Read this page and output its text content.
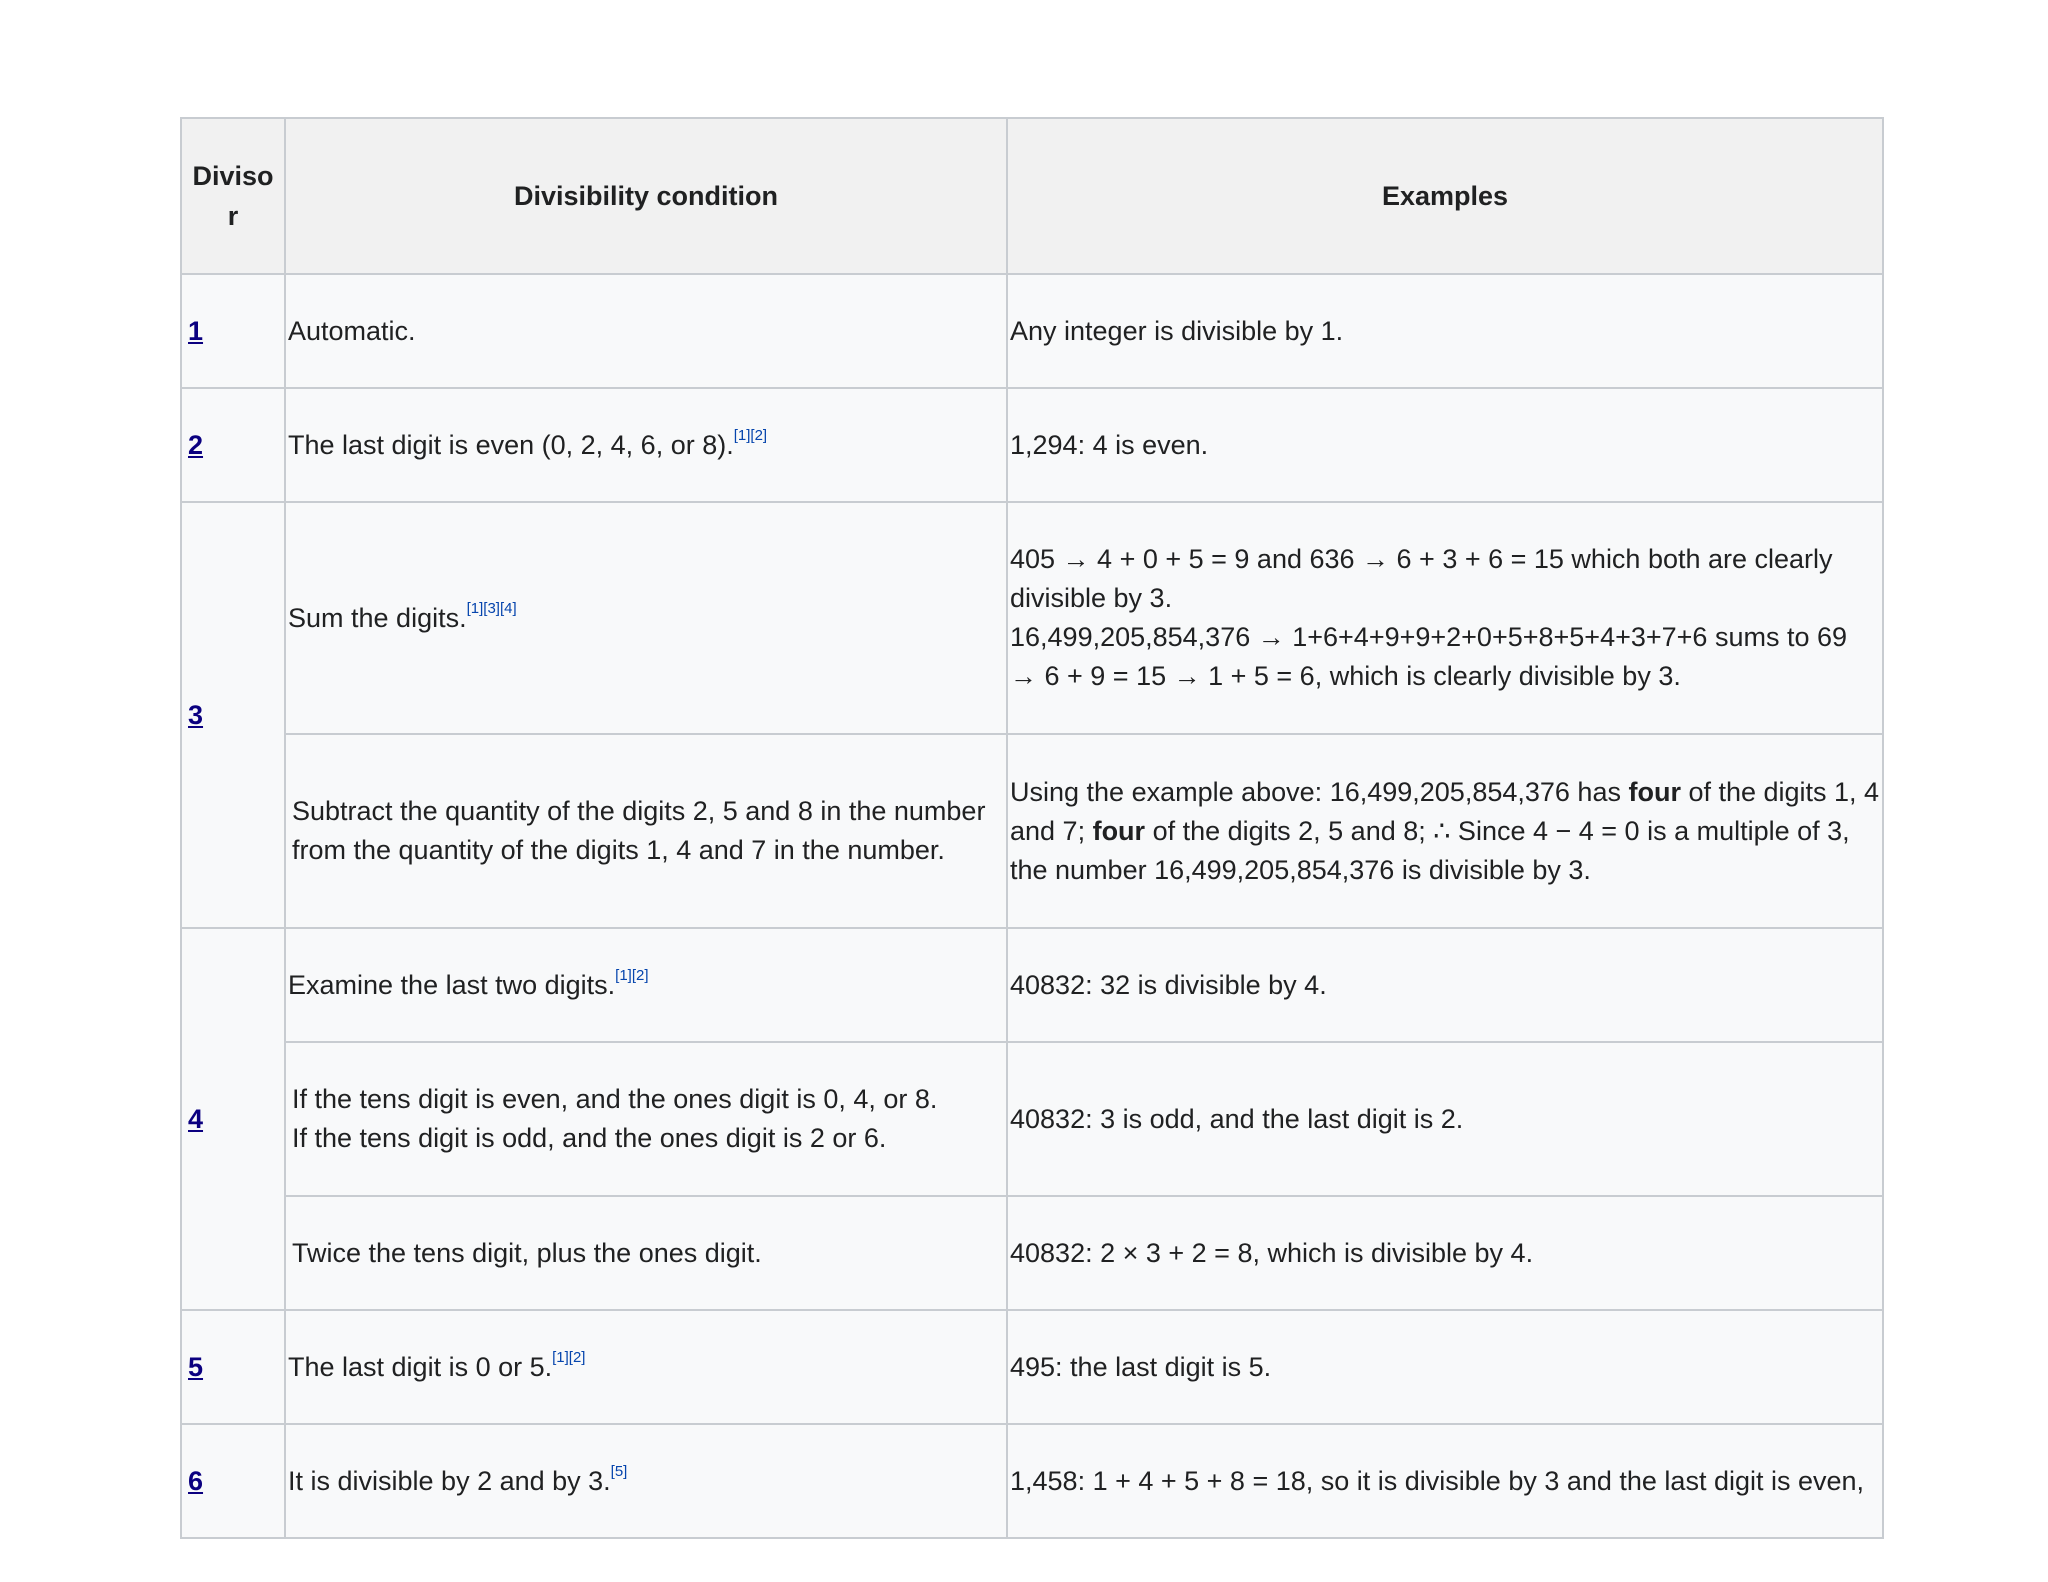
Divisor	Divisibility condition	Examples
1	Automatic.	Any integer is divisible by 1.
2	The last digit is even (0, 2, 4, 6, or 8).[1][2]	1,294: 4 is even.
3	Sum the digits.[1][3][4]	405 → 4 + 0 + 5 = 9 and 636 → 6 + 3 + 6 = 15 which both are clearly divisible by 3.
16,499,205,854,376 → 1+6+4+9+9+2+0+5+8+5+4+3+7+6 sums to 69 → 6 + 9 = 15 → 1 + 5 = 6, which is clearly divisible by 3.

	Subtract the quantity of the digits 2, 5 and 8 in the number from the quantity of the digits 1, 4 and 7 in the number.	Using the example above: 16,499,205,854,376 has four of the digits 1, 4 and 7; four of the digits 2, 5 and 8; ∴ Since 4 − 4 = 0 is a multiple of 3, the number 16,499,205,854,376 is divisible by 3.
4	Examine the last two digits.[1][2]	40832: 32 is divisible by 4.

	If the tens digit is even, and the ones digit is 0, 4, or 8.
If the tens digit is odd, and the ones digit is 2 or 6.	40832: 3 is odd, and the last digit is 2.
	Twice the tens digit, plus the ones digit.	40832: 2 × 3 + 2 = 8, which is divisible by 4.
5	The last digit is 0 or 5.[1][2]	495: the last digit is 5.
6	It is divisible by 2 and by 3.[5]	1,458: 1 + 4 + 5 + 8 = 18, so it is divisible by 3 and the last digit is even,
